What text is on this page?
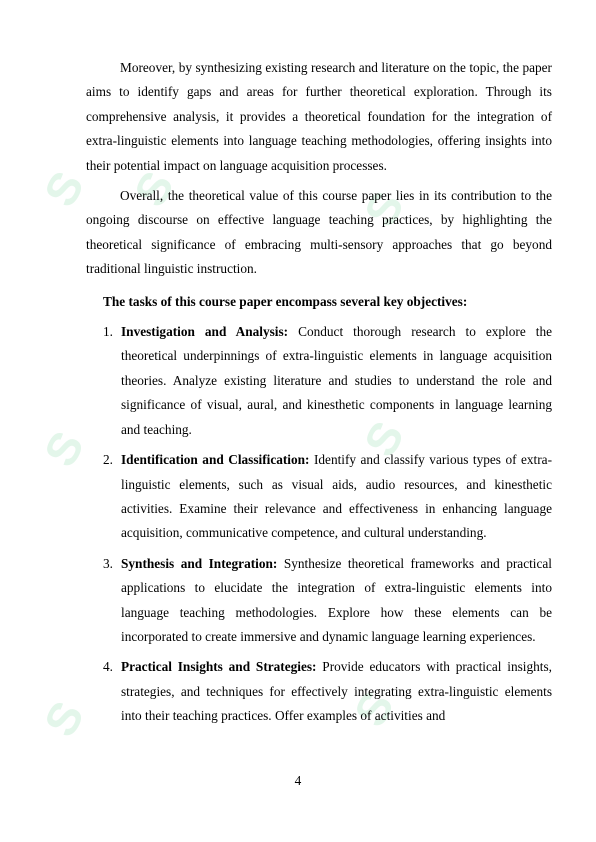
S S	S
S	S
S	S

Moreover, by synthesizing existing research and literature on the topic, the paper aims to identify gaps and areas for further theoretical exploration. Through its comprehensive analysis, it provides a theoretical foundation for the integration of extra-linguistic elements into language teaching methodologies, offering insights into their potential impact on language acquisition processes.

Overall, the theoretical value of this course paper lies in its contribution to the ongoing discourse on effective language teaching practices, by highlighting the theoretical significance of embracing multi-sensory approaches that go beyond traditional linguistic instruction.

The tasks of this course paper encompass several key objectives:
1. Investigation and Analysis: Conduct thorough research to explore the theoretical underpinnings of extra-linguistic elements in language acquisition theories. Analyze existing literature and studies to understand the role and significance of visual, aural, and kinesthetic components in language learning and teaching.
2. Identification and Classification: Identify and classify various types of extra-linguistic elements, such as visual aids, audio resources, and kinesthetic activities. Examine their relevance and effectiveness in enhancing language acquisition, communicative competence, and cultural understanding.
3. Synthesis and Integration: Synthesize theoretical frameworks and practical applications to elucidate the integration of extra-linguistic elements into language teaching methodologies. Explore how these elements can be incorporated to create immersive and dynamic language learning experiences.
4. Practical Insights and Strategies: Provide educators with practical insights, strategies, and techniques for effectively integrating extra-linguistic elements into their teaching practices. Offer examples of activities and
4
